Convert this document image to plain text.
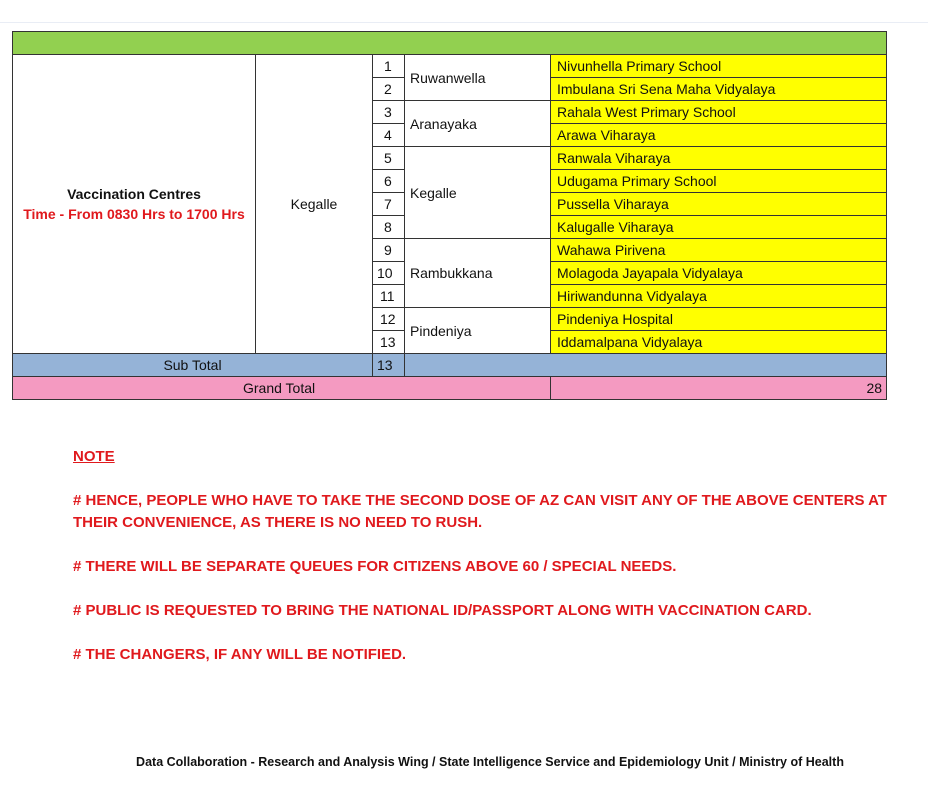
Vaccination Centres
Time - From 0830 Hrs to 1700 Hrs	Kegalle	1	Ruwanwella	Nivunhella Primary School
		2		Imbulana Sri Sena Maha Vidyalaya
		3	Aranayaka	Rahala West Primary School
		4		Arawa Viharaya
		5	Kegalle	Ranwala Viharaya
		6		Udugama Primary School
		7		Pussella Viharaya
		8		Kalugalle Viharaya
		9	Rambukkana	Wahawa Pirivena
		10		Molagoda Jayapala Vidyalaya
		11		Hiriwandunna Vidyalaya
		12	Pindeniya	Pindeniya Hospital
		13		Iddamalpana Vidyalaya
Sub Total		13		
Grand Total				28
NOTE

# HENCE, PEOPLE WHO HAVE TO TAKE THE SECOND DOSE OF AZ CAN VISIT ANY OF THE ABOVE CENTERS AT THEIR CONVENIENCE, AS THERE IS NO NEED TO RUSH.

# THERE WILL BE SEPARATE QUEUES FOR CITIZENS ABOVE 60 / SPECIAL NEEDS.

# PUBLIC IS REQUESTED TO BRING THE NATIONAL ID/PASSPORT ALONG WITH VACCINATION CARD.

# THE CHANGERS, IF ANY WILL BE NOTIFIED.

Data Collaboration - Research and Analysis Wing / State Intelligence Service and Epidemiology Unit / Ministry of Health
